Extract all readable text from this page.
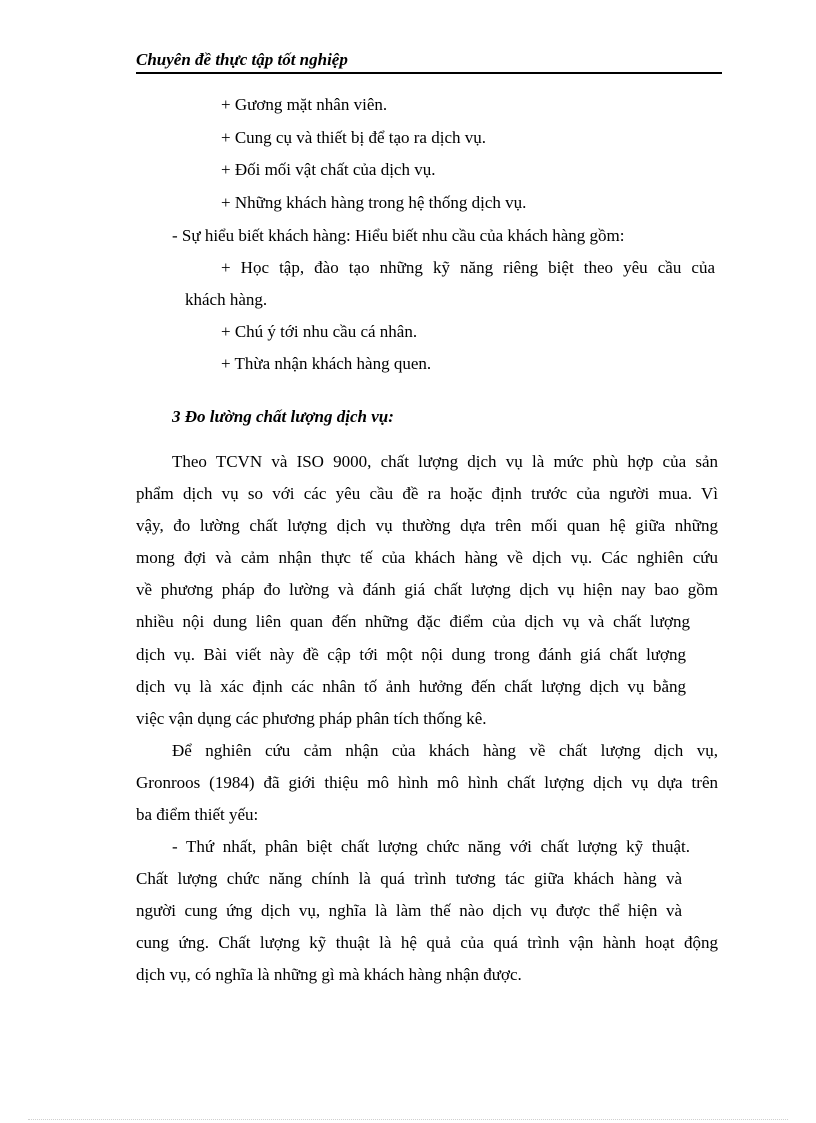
Chuyên đề thực tập tốt nghiệp
+ Gương mặt nhân viên.
+ Cung cụ và thiết bị để tạo ra dịch vụ.
+ Đối mối vật chất của dịch vụ.
+ Những khách hàng trong hệ thống dịch vụ.
- Sự hiểu biết khách hàng: Hiểu biết nhu cầu của khách hàng gồm:
+ Học tập, đào tạo những kỹ năng riêng biệt theo yêu cầu của
khách hàng.
+ Chú ý tới nhu cầu cá nhân.
+ Thừa nhận khách hàng quen.
3 Đo lường chất lượng dịch vụ:
Theo TCVN và ISO 9000, chất lượng dịch vụ là mức phù hợp của sản
phẩm dịch vụ so với các yêu cầu đề ra hoặc định trước của người mua. Vì
vậy, đo lường chất lượng dịch vụ thường dựa trên mối quan hệ giữa những
mong đợi và cảm nhận thực tế của khách hàng về dịch vụ. Các nghiên cứu
về phương pháp đo lường và đánh giá chất lượng dịch vụ hiện nay bao gồm
nhiều nội dung liên quan đến những đặc điểm của dịch vụ và chất lượng
dịch vụ. Bài viết này đề cập tới một nội dung trong đánh giá chất lượng
dịch vụ là xác định các nhân tố ảnh hưởng đến chất lượng dịch vụ bằng
việc vận dụng các phương pháp phân tích thống kê.
Để nghiên cứu cảm nhận của khách hàng về chất lượng dịch vụ,
Gronroos (1984) đã giới thiệu mô hình mô hình chất lượng dịch vụ dựa trên
ba điểm thiết yếu:
- Thứ nhất, phân biệt chất lượng chức năng với chất lượng kỹ thuật.
Chất lượng chức năng chính là quá trình tương tác giữa khách hàng và
người cung ứng dịch vụ, nghĩa là làm thế nào dịch vụ được thể hiện và
cung ứng. Chất lượng kỹ thuật là hệ quả của quá trình vận hành hoạt động
dịch vụ, có nghĩa là những gì mà khách hàng nhận được.
